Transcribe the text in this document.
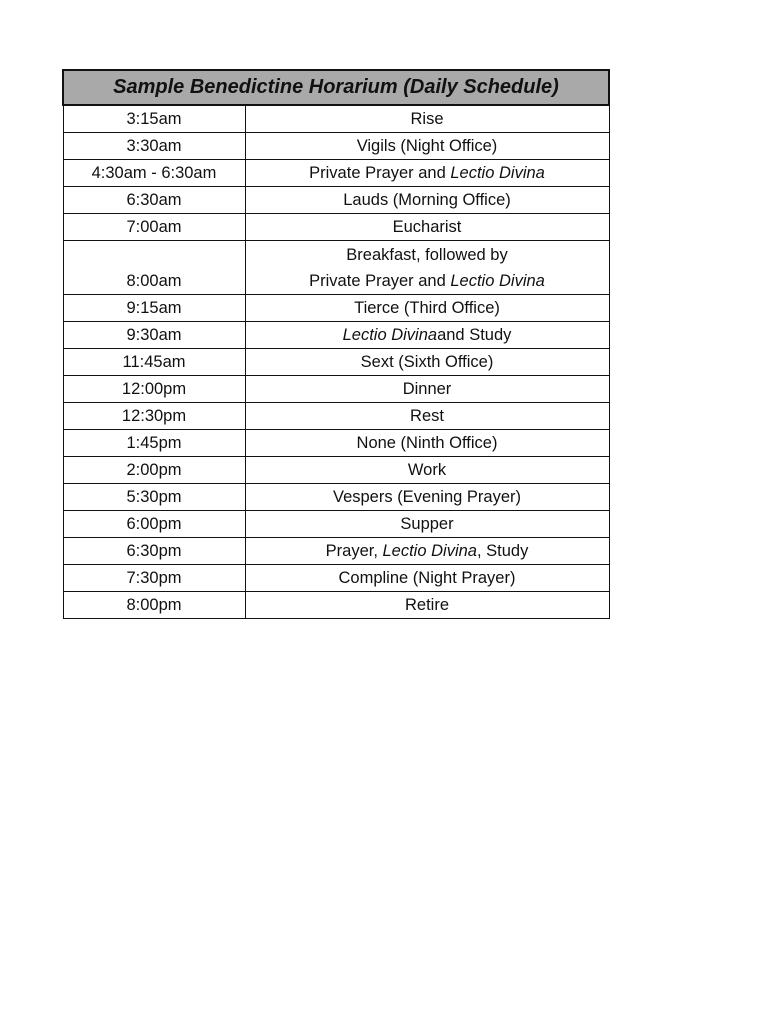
Sample Benedictine Horarium (Daily Schedule)	
3:15am	Rise
3:30am	Vigils (Night Office)
4:30am - 6:30am	Private Prayer and Lectio Divina
6:30am	Lauds (Morning Office)
7:00am	Eucharist
8:00am	Breakfast, followed by
Private Prayer and Lectio Divina

9:15am	Tierce (Third Office)
9:30am	Lectio Divinaand Study
11:45am	Sext (Sixth Office)
12:00pm	Dinner
12:30pm	Rest
1:45pm	None (Ninth Office)
2:00pm	Work
5:30pm	Vespers (Evening Prayer)
6:00pm	Supper
6:30pm	Prayer, Lectio Divina, Study
7:30pm	Compline (Night Prayer)
8:00pm	Retire
